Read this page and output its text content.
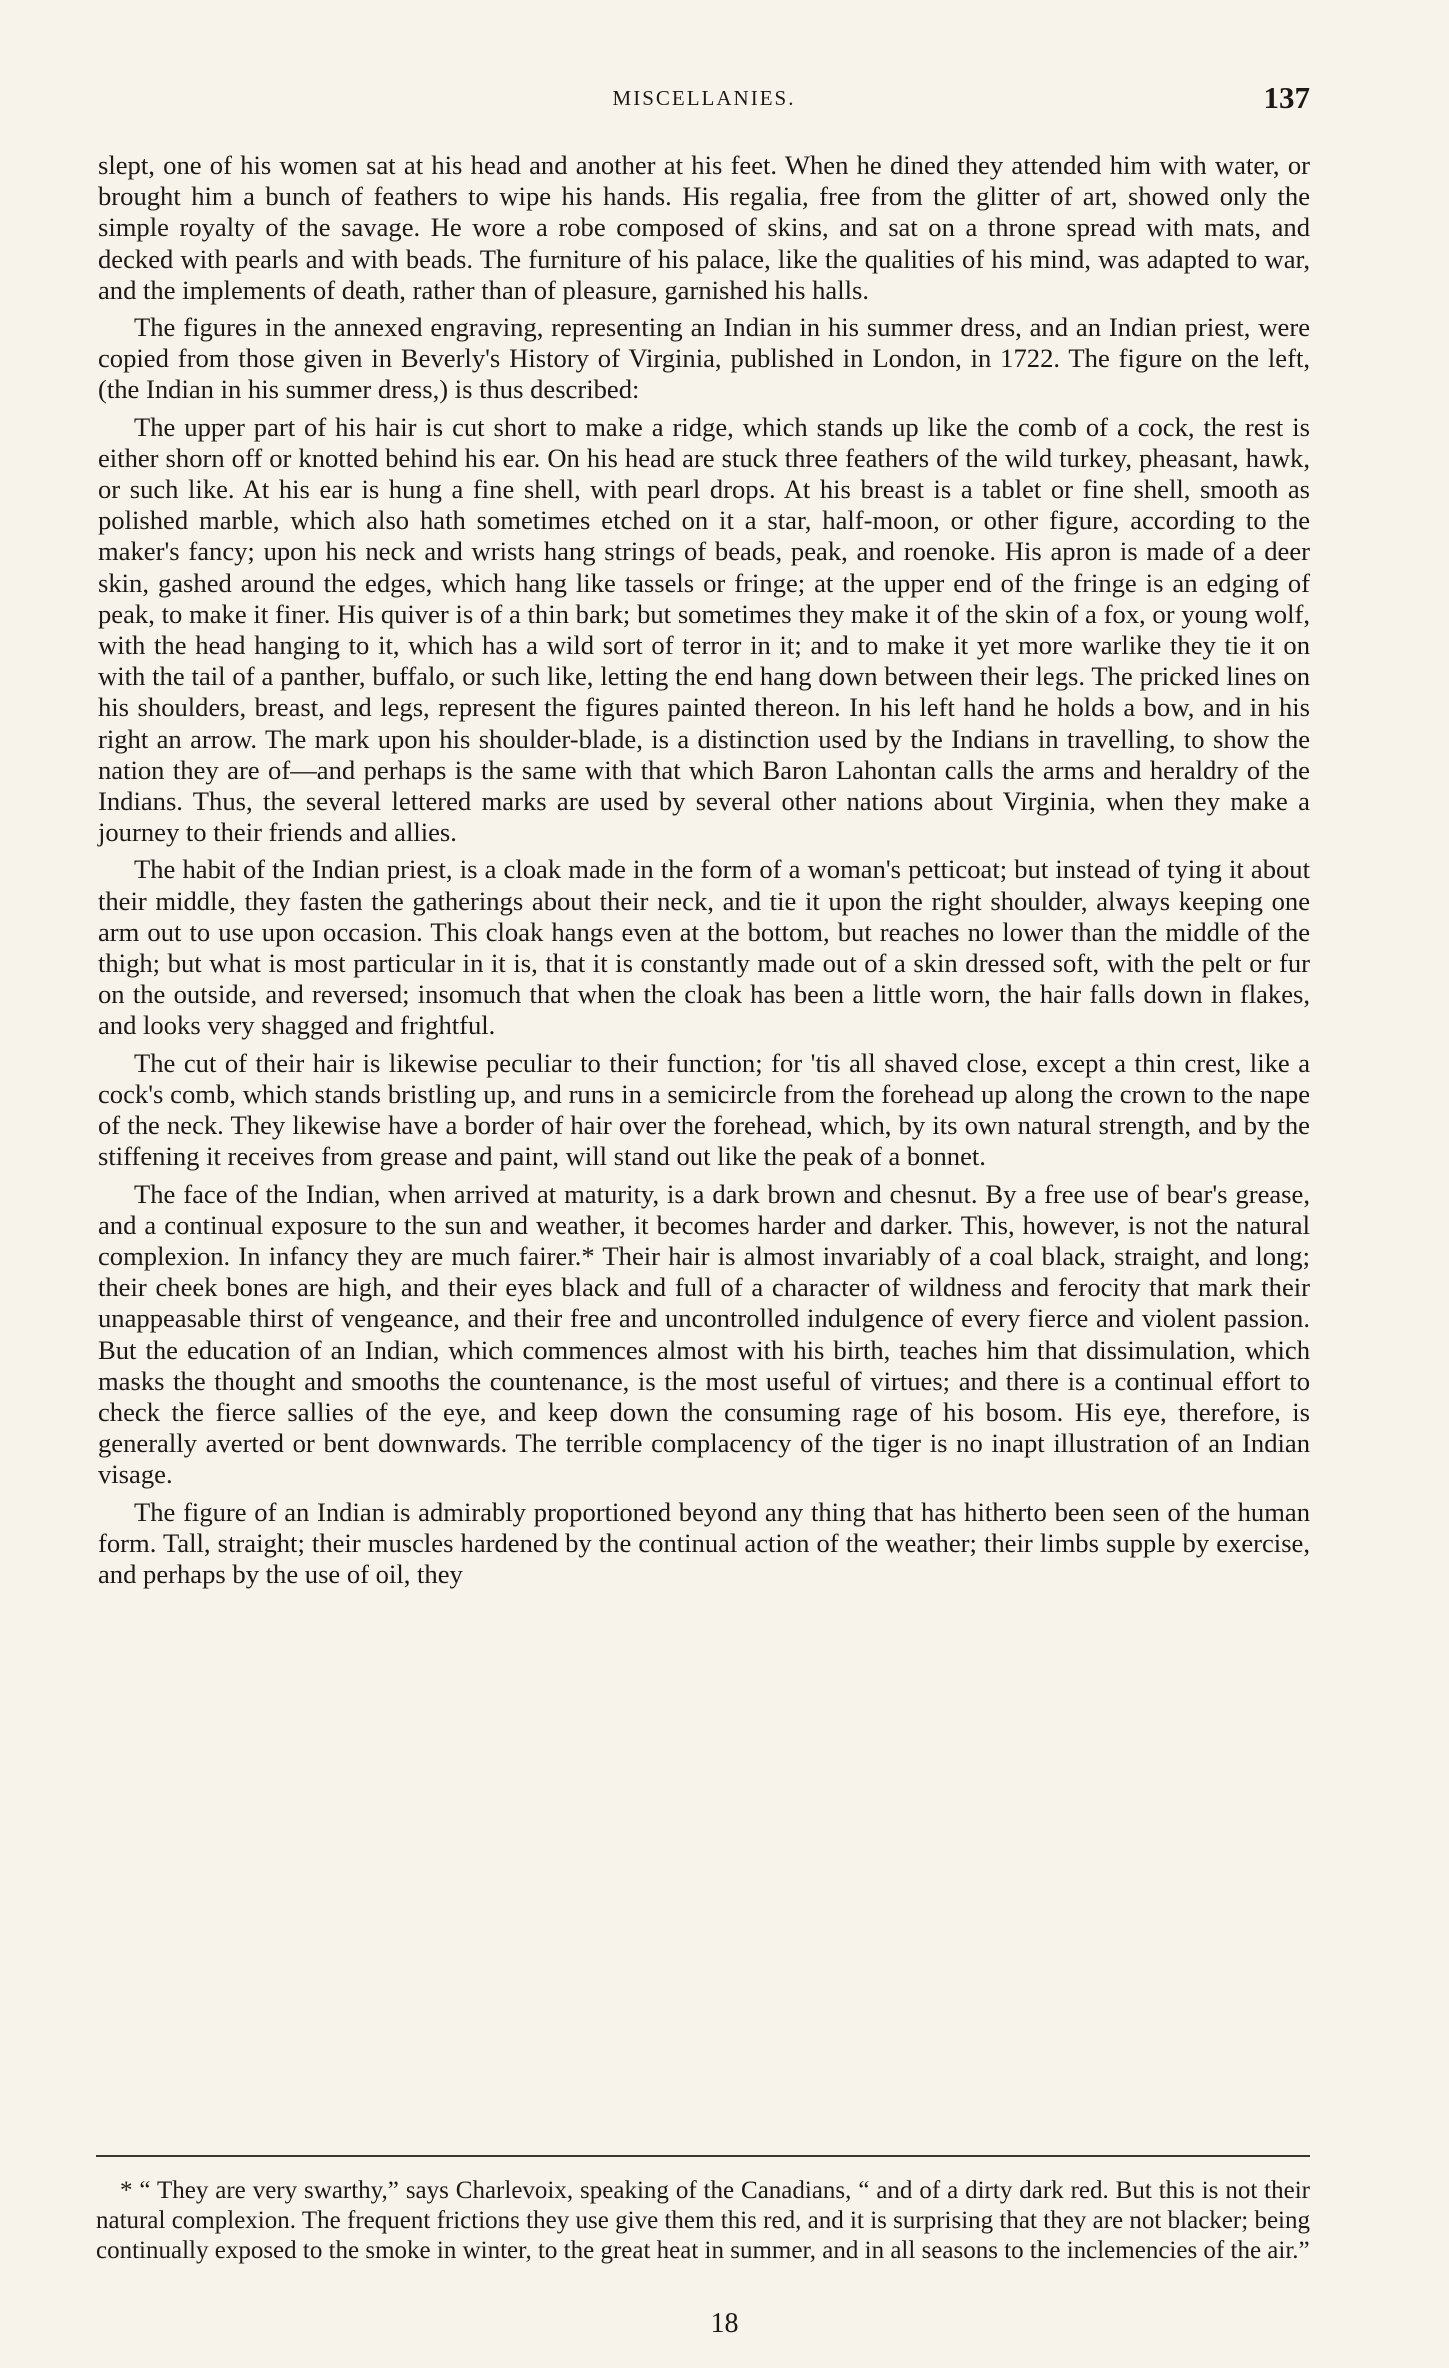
MISCELLANIES.	137

slept, one of his women sat at his head and another at his feet. When he dined they attended him with water, or brought him a bunch of feathers to wipe his hands. His regalia, free from the glitter of art, showed only the simple royalty of the savage. He wore a robe composed of skins, and sat on a throne spread with mats, and decked with pearls and with beads. The furniture of his palace, like the qualities of his mind, was adapted to war, and the implements of death, rather than of pleasure, garnished his halls.

The figures in the annexed engraving, representing an Indian in his summer dress, and an Indian priest, were copied from those given in Beverly's History of Virginia, published in London, in 1722. The figure on the left, (the Indian in his summer dress,) is thus described:

The upper part of his hair is cut short to make a ridge, which stands up like the comb of a cock, the rest is either shorn off or knotted behind his ear. On his head are stuck three feathers of the wild turkey, pheasant, hawk, or such like. At his ear is hung a fine shell, with pearl drops. At his breast is a tablet or fine shell, smooth as polished marble, which also hath sometimes etched on it a star, half-moon, or other figure, according to the maker's fancy; upon his neck and wrists hang strings of beads, peak, and roenoke. His apron is made of a deer skin, gashed around the edges, which hang like tassels or fringe; at the upper end of the fringe is an edging of peak, to make it finer. His quiver is of a thin bark; but sometimes they make it of the skin of a fox, or young wolf, with the head hanging to it, which has a wild sort of terror in it; and to make it yet more warlike they tie it on with the tail of a panther, buffalo, or such like, letting the end hang down between their legs. The pricked lines on his shoulders, breast, and legs, represent the figures painted thereon. In his left hand he holds a bow, and in his right an arrow. The mark upon his shoulder-blade, is a distinction used by the Indians in travelling, to show the nation they are of—and perhaps is the same with that which Baron Lahontan calls the arms and heraldry of the Indians. Thus, the several lettered marks are used by several other nations about Virginia, when they make a journey to their friends and allies.

The habit of the Indian priest, is a cloak made in the form of a woman's petticoat; but instead of tying it about their middle, they fasten the gatherings about their neck, and tie it upon the right shoulder, always keeping one arm out to use upon occasion. This cloak hangs even at the bottom, but reaches no lower than the middle of the thigh; but what is most particular in it is, that it is constantly made out of a skin dressed soft, with the pelt or fur on the outside, and reversed; insomuch that when the cloak has been a little worn, the hair falls down in flakes, and looks very shagged and frightful.

The cut of their hair is likewise peculiar to their function; for 'tis all shaved close, except a thin crest, like a cock's comb, which stands bristling up, and runs in a semicircle from the forehead up along the crown to the nape of the neck. They likewise have a border of hair over the forehead, which, by its own natural strength, and by the stiffening it receives from grease and paint, will stand out like the peak of a bonnet.

The face of the Indian, when arrived at maturity, is a dark brown and chesnut. By a free use of bear's grease, and a continual exposure to the sun and weather, it becomes harder and darker. This, however, is not the natural complexion. In infancy they are much fairer.* Their hair is almost invariably of a coal black, straight, and long; their cheek bones are high, and their eyes black and full of a character of wildness and ferocity that mark their unappeasable thirst of vengeance, and their free and uncontrolled indulgence of every fierce and violent passion. But the education of an Indian, which commences almost with his birth, teaches him that dissimulation, which masks the thought and smooths the countenance, is the most useful of virtues; and there is a continual effort to check the fierce sallies of the eye, and keep down the consuming rage of his bosom. His eye, therefore, is generally averted or bent downwards. The terrible complacency of the tiger is no inapt illustration of an Indian visage.

The figure of an Indian is admirably proportioned beyond any thing that has hitherto been seen of the human form. Tall, straight; their muscles hardened by the continual action of the weather; their limbs supple by exercise, and perhaps by the use of oil, they

* “ They are very swarthy,” says Charlevoix, speaking of the Canadians, “ and of a dirty dark red. But this is not their natural complexion. The frequent frictions they use give them this red, and it is surprising that they are not blacker; being continually exposed to the smoke in winter, to the great heat in summer, and in all seasons to the inclemencies of the air.”

18
